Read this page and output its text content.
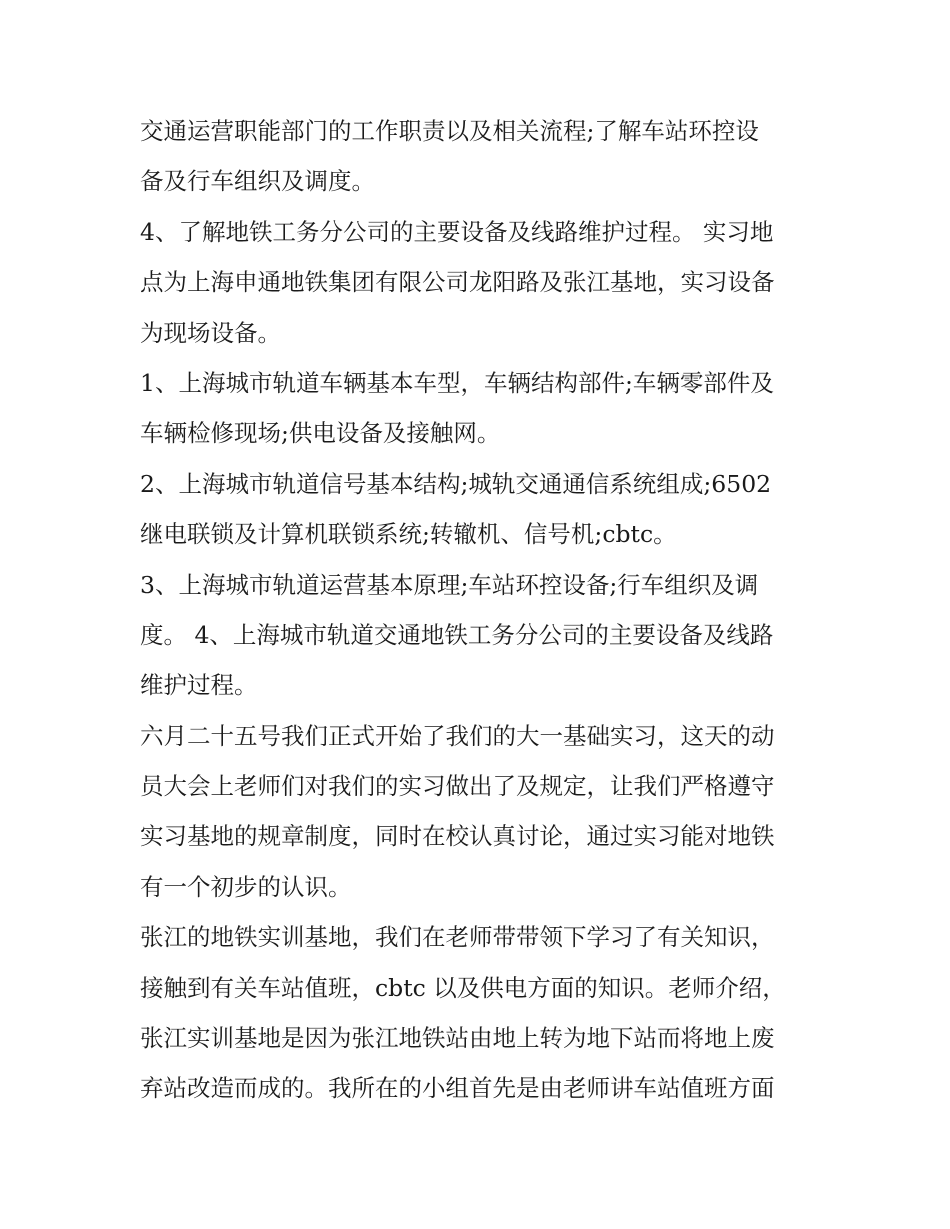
交通运营职能部门的工作职责以及相关流程;了解车站环控设
备及行车组织及调度。
4、了解地铁工务分公司的主要设备及线路维护过程。 实习地
点为上海申通地铁集团有限公司龙阳路及张江基地，实习设备
为现场设备。
1、上海城市轨道车辆基本车型，车辆结构部件;车辆零部件及
车辆检修现场;供电设备及接触网。
2、上海城市轨道信号基本结构;城轨交通通信系统组成;6502
继电联锁及计算机联锁系统;转辙机、信号机;cbtc。
3、上海城市轨道运营基本原理;车站环控设备;行车组织及调
度。 4、上海城市轨道交通地铁工务分公司的主要设备及线路
维护过程。
六月二十五号我们正式开始了我们的大一基础实习，这天的动
员大会上老师们对我们的实习做出了及规定，让我们严格遵守
实习基地的规章制度，同时在校认真讨论，通过实习能对地铁
有一个初步的认识。
张江的地铁实训基地，我们在老师带带领下学习了有关知识，
接触到有关车站值班，cbtc 以及供电方面的知识。老师介绍，
张江实训基地是因为张江地铁站由地上转为地下站而将地上废
弃站改造而成的。我所在的小组首先是由老师讲车站值班方面
